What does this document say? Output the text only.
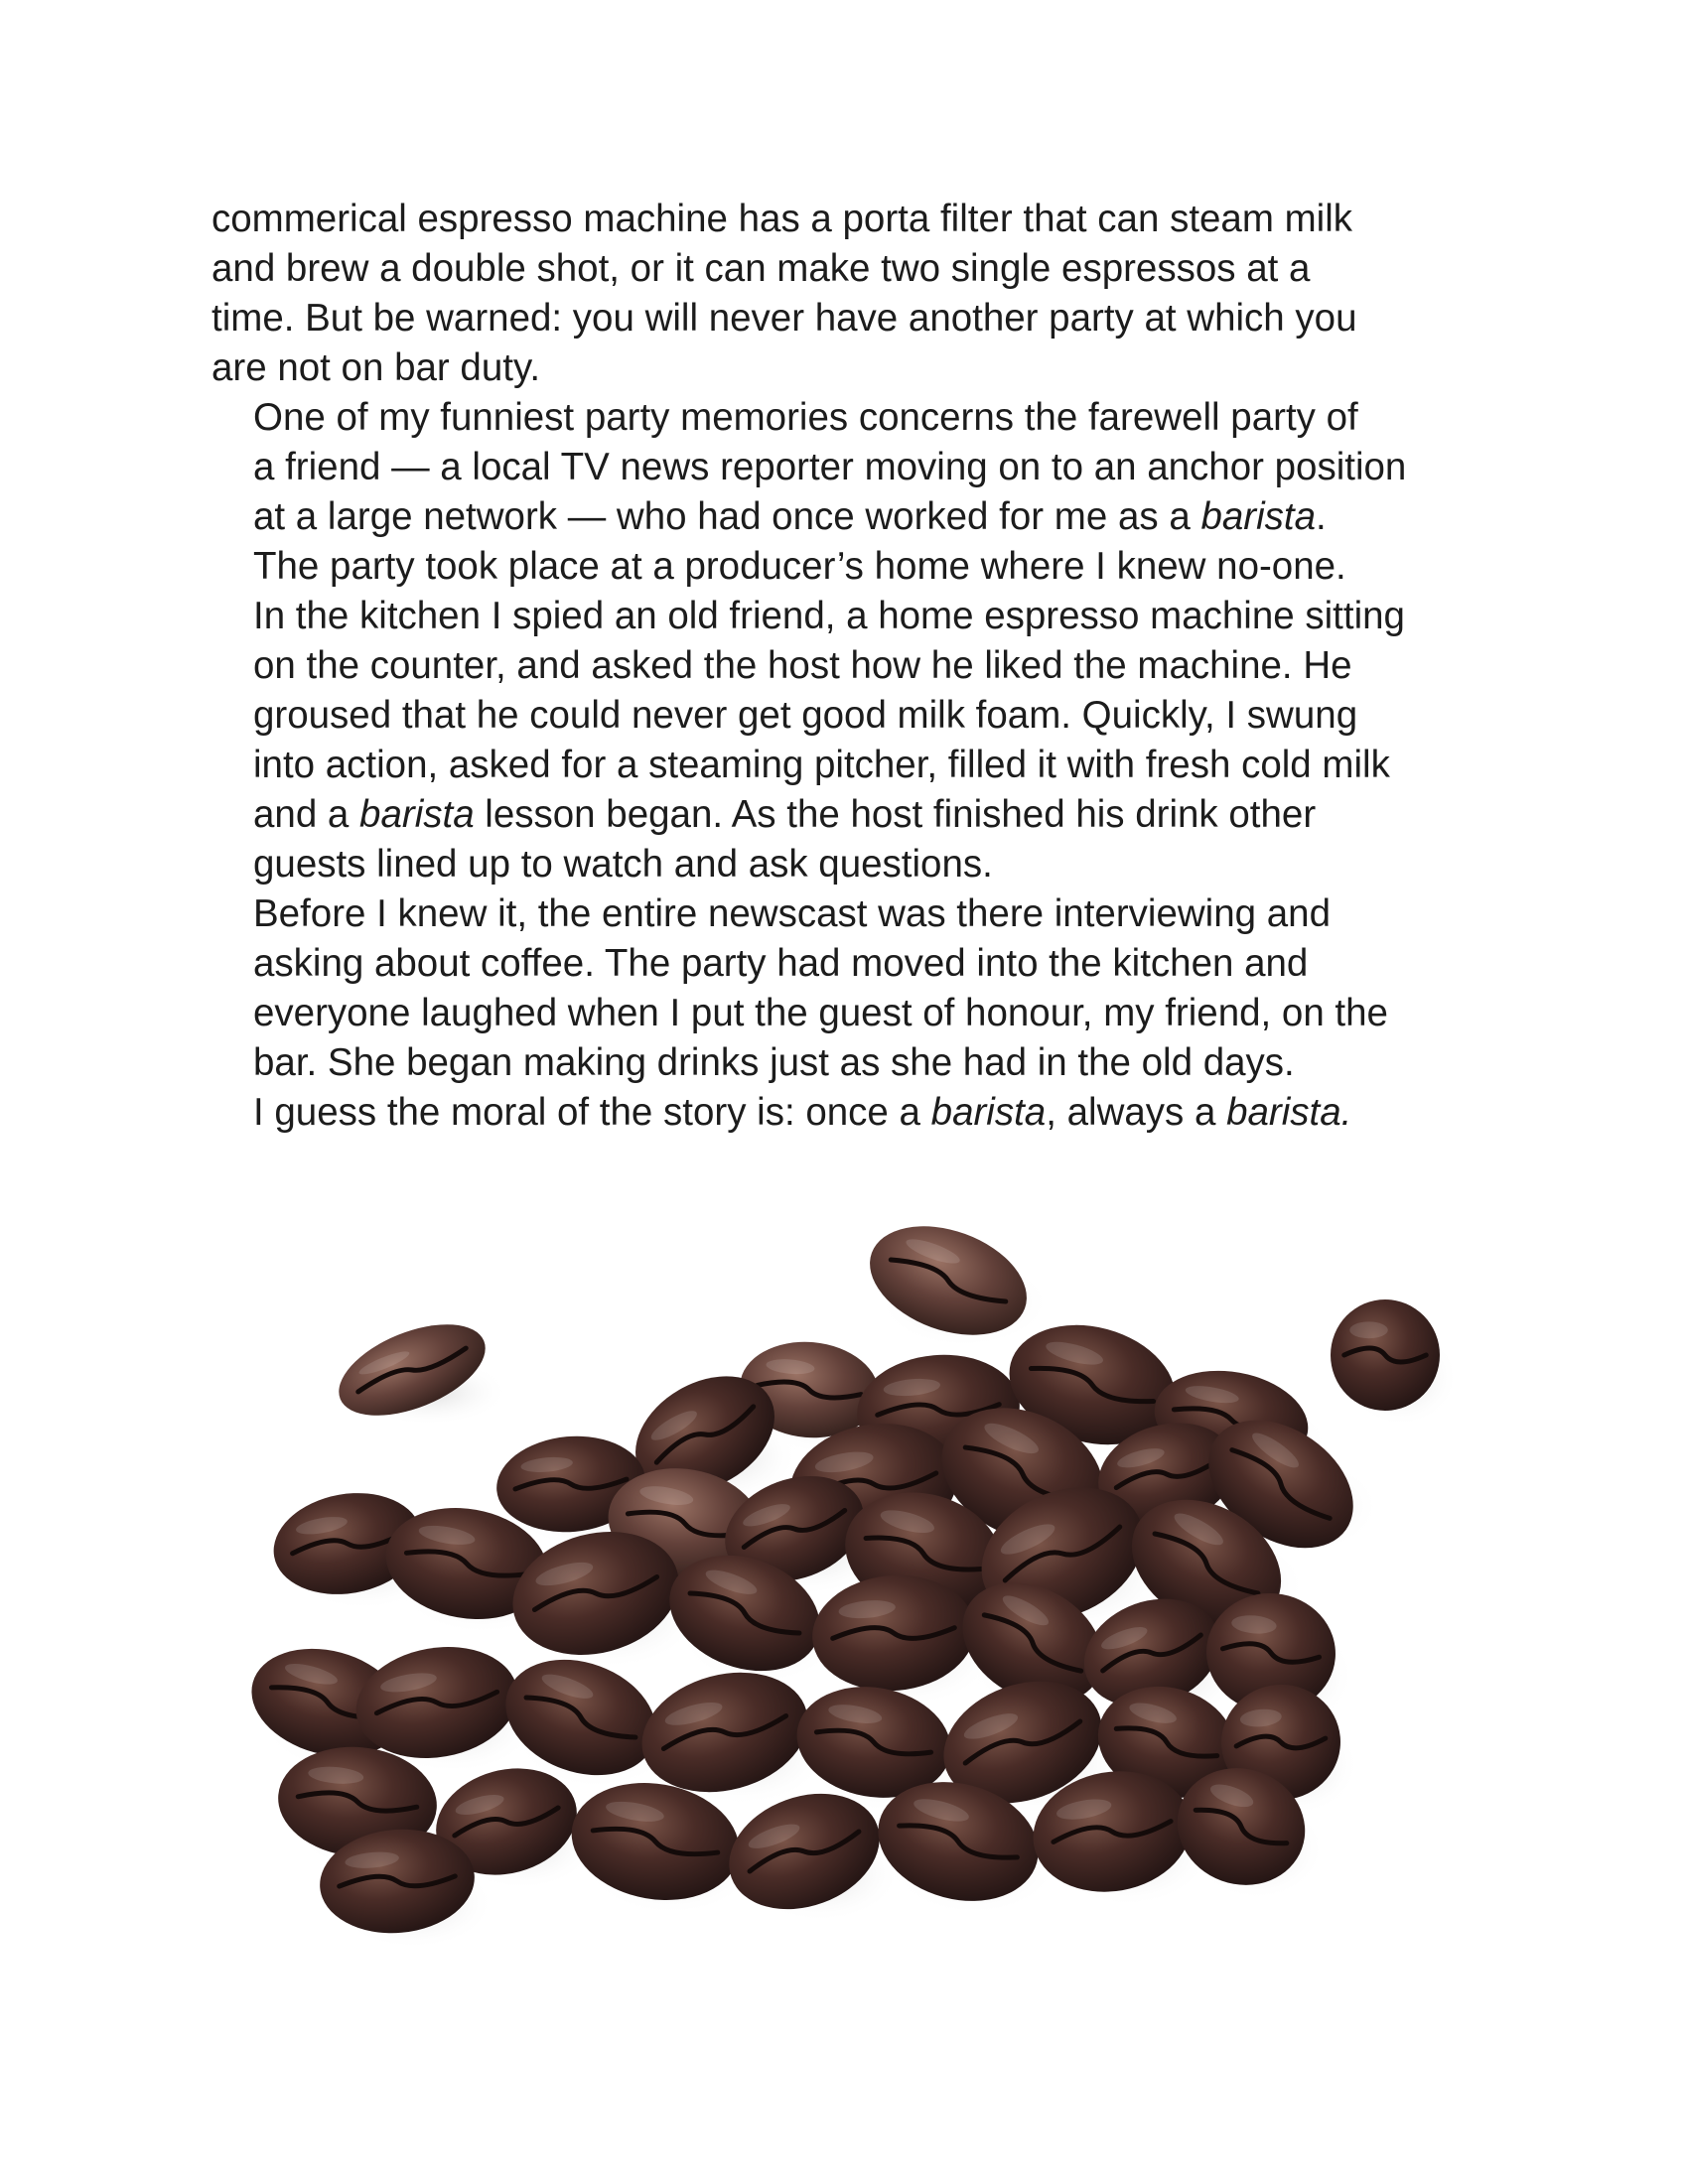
commerical espresso machine has a porta filter that can steam milk
and brew a double shot, or it can make two single espressos at a
time. But be warned: you will never have another party at which you
are not on bar duty.

One of my funniest party memories concerns the farewell party of
a friend — a local TV news reporter moving on to an anchor position
at a large network — who had once worked for me as a barista.

The party took place at a producer’s home where I knew no-one.
In the kitchen I spied an old friend, a home espresso machine sitting
on the counter, and asked the host how he liked the machine. He
groused that he could never get good milk foam. Quickly, I swung
into action, asked for a steaming pitcher, filled it with fresh cold milk
and a barista lesson began. As the host finished his drink other
guests lined up to watch and ask questions.

Before I knew it, the entire newscast was there interviewing and
asking about coffee. The party had moved into the kitchen and
everyone laughed when I put the guest of honour, my friend, on the
bar. She began making drinks just as she had in the old days.

I guess the moral of the story is: once a barista, always a barista.
